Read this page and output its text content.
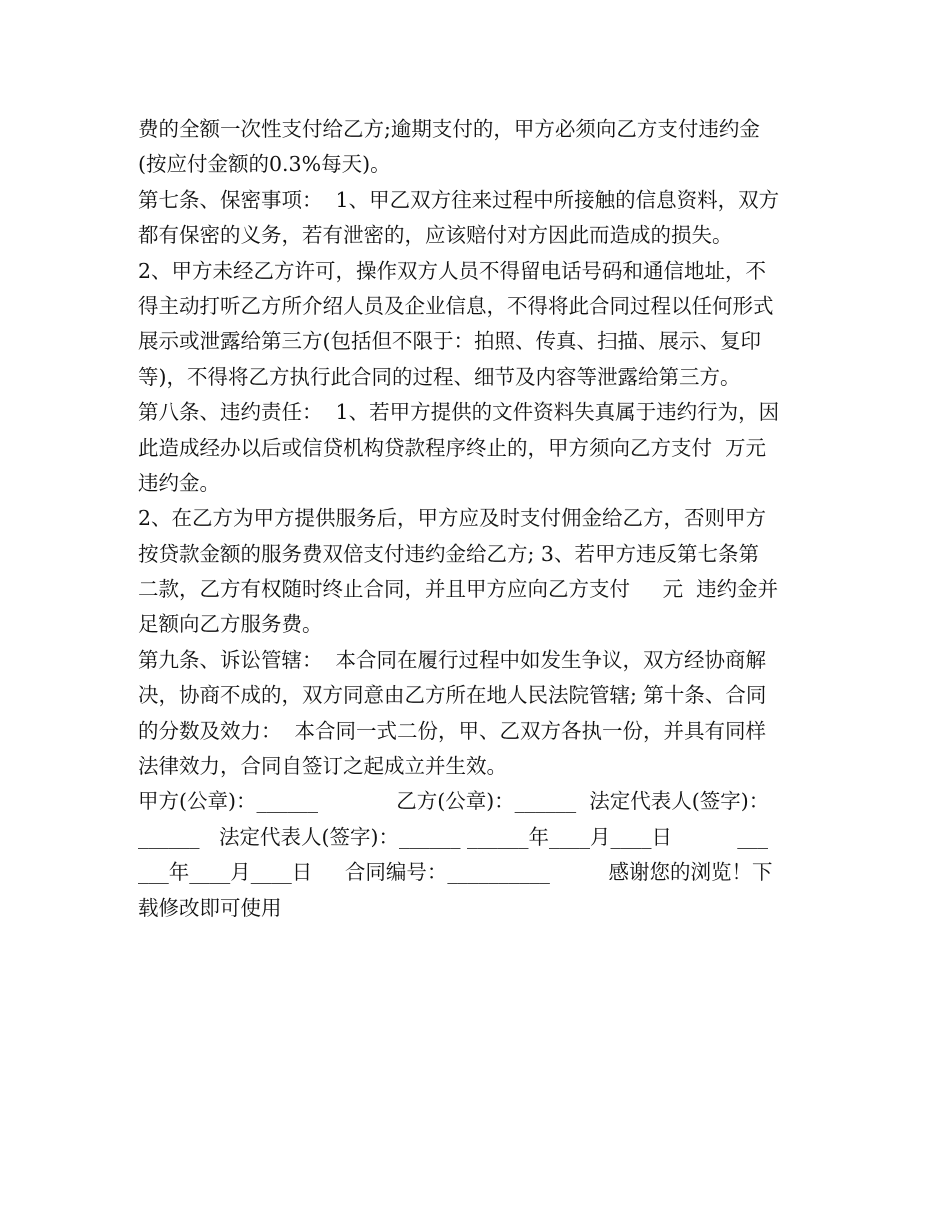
费的全额一次性支付给乙方;逾期支付的，甲方必须向乙方支付违约金
(按应付金额的0.3%每天)。
第七条、保密事项：  1、甲乙双方往来过程中所接触的信息资料，双方
都有保密的义务，若有泄密的，应该赔付对方因此而造成的损失。
2、甲方未经乙方许可，操作双方人员不得留电话号码和通信地址，不
得主动打听乙方所介绍人员及企业信息，不得将此合同过程以任何形式
展示或泄露给第三方(包括但不限于：拍照、传真、扫描、展示、复印
等)，不得将乙方执行此合同的过程、细节及内容等泄露给第三方。
第八条、违约责任：  1、若甲方提供的文件资料失真属于违约行为，因
此造成经办以后或信贷机构贷款程序终止的，甲方须向乙方支付  万元
违约金。
2、在乙方为甲方提供服务后，甲方应及时支付佣金给乙方，否则甲方
按贷款金额的服务费双倍支付违约金给乙方; 3、若甲方违反第七条第
二款，乙方有权随时终止合同，并且甲方应向乙方支付     元  违约金并
足额向乙方服务费。
第九条、诉讼管辖：  本合同在履行过程中如发生争议，双方经协商解
决，协商不成的，双方同意由乙方所在地人民法院管辖; 第十条、合同
的分数及效力：  本合同一式二份，甲、乙双方各执一份，并具有同样
法律效力，合同自签订之起成立并生效。
甲方(公章)：______            乙方(公章)：______  法定代表人(签字)：
______   法定代表人(签字)：______ ______年____月____日          ___
___年____月____日     合同编号：__________         感谢您的浏览！下
载修改即可使用
